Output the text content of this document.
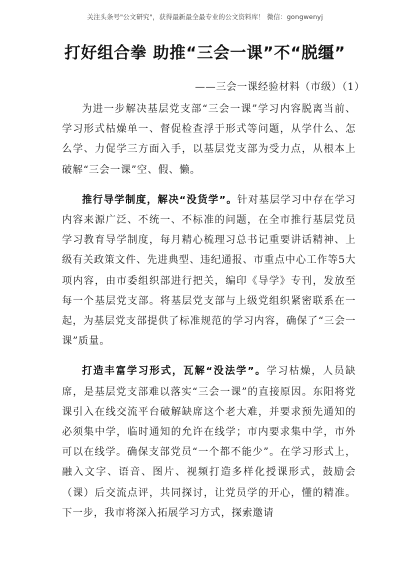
关注头条号"公文研究"，获得最新最全最专业的公文资料库！ 微信：gongwenyj
打好组合拳 助推“三会一课”不“脱缰”
——三会一课经验材料（市级）（1）

为进一步解决基层党支部“三会一课”学习内容脱离当前、学习形式枯燥单一、督促检查浮于形式等问题，从学什么、怎么学、力促学三方面入手，以基层党支部为受力点，从根本上破解“三会一课”空、假、懒。

推行导学制度，解决“没货学”。针对基层学习中存在学习内容来源广泛、不统一、不标准的问题，在全市推行基层党员学习教育导学制度，每月精心梳理习总书记重要讲话精神、上级有关政策文件、先进典型、违纪通报、市重点中心工作等5大项内容，由市委组织部进行把关，编印《导学》专刊，发放至每一个基层党支部。将基层党支部与上级党组织紧密联系在一起，为基层党支部提供了标准规范的学习内容，确保了“三会一课”质量。

打造丰富学习形式，瓦解“没法学”。学习枯燥，人员缺席，是基层党支部难以落实“三会一课”的直接原因。东阳将党课引入在线交流平台破解缺席这个老大难，并要求预先通知的必须集中学，临时通知的允许在线学；市内要求集中学，市外可以在线学。确保支部党员“一个都不能少”。在学习形式上，融入文字、语音、图片、视频打造多样化授课形式，鼓励会（课）后交流点评，共同探讨，让党员学的开心，懂的精准。下一步，我市将深入拓展学习方式，探索邀请
